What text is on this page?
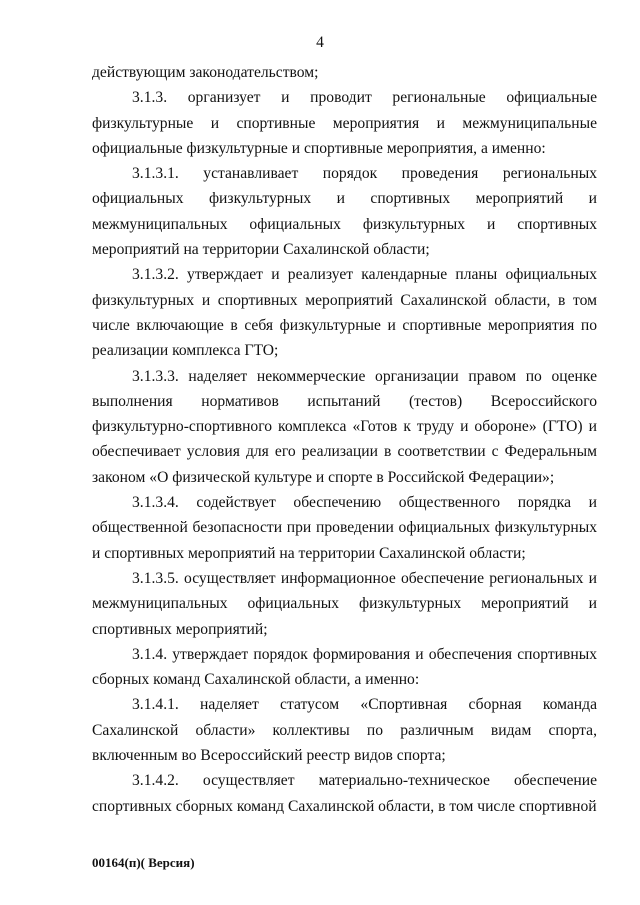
4

действующим законодательством;

3.1.3. организует и проводит региональные официальные физкультурные и спортивные мероприятия и межмуниципальные официальные физкультурные и спортивные мероприятия, а именно:

3.1.3.1. устанавливает порядок проведения региональных официальных физкультурных и спортивных мероприятий и межмуниципальных официальных физкультурных и спортивных мероприятий на территории Сахалинской области;

3.1.3.2. утверждает и реализует календарные планы официальных физкультурных и спортивных мероприятий Сахалинской области, в том числе включающие в себя физкультурные и спортивные мероприятия по реализации комплекса ГТО;

3.1.3.3. наделяет некоммерческие организации правом по оценке выполнения нормативов испытаний (тестов) Всероссийского физкультурно-спортивного комплекса «Готов к труду и обороне» (ГТО) и обеспечивает условия для его реализации в соответствии с Федеральным законом «О физической культуре и спорте в Российской Федерации»;

3.1.3.4. содействует обеспечению общественного порядка и общественной безопасности при проведении официальных физкультурных и спортивных мероприятий на территории Сахалинской области;

3.1.3.5. осуществляет информационное обеспечение региональных и межмуниципальных официальных физкультурных мероприятий и спортивных мероприятий;

3.1.4. утверждает порядок формирования и обеспечения спортивных сборных команд Сахалинской области, а именно:

3.1.4.1. наделяет статусом «Спортивная сборная команда Сахалинской области» коллективы по различным видам спорта, включенным во Всероссийский реестр видов спорта;

3.1.4.2. осуществляет материально-техническое обеспечение спортивных сборных команд Сахалинской области, в том числе спортивной

00164(п)( Версия)
